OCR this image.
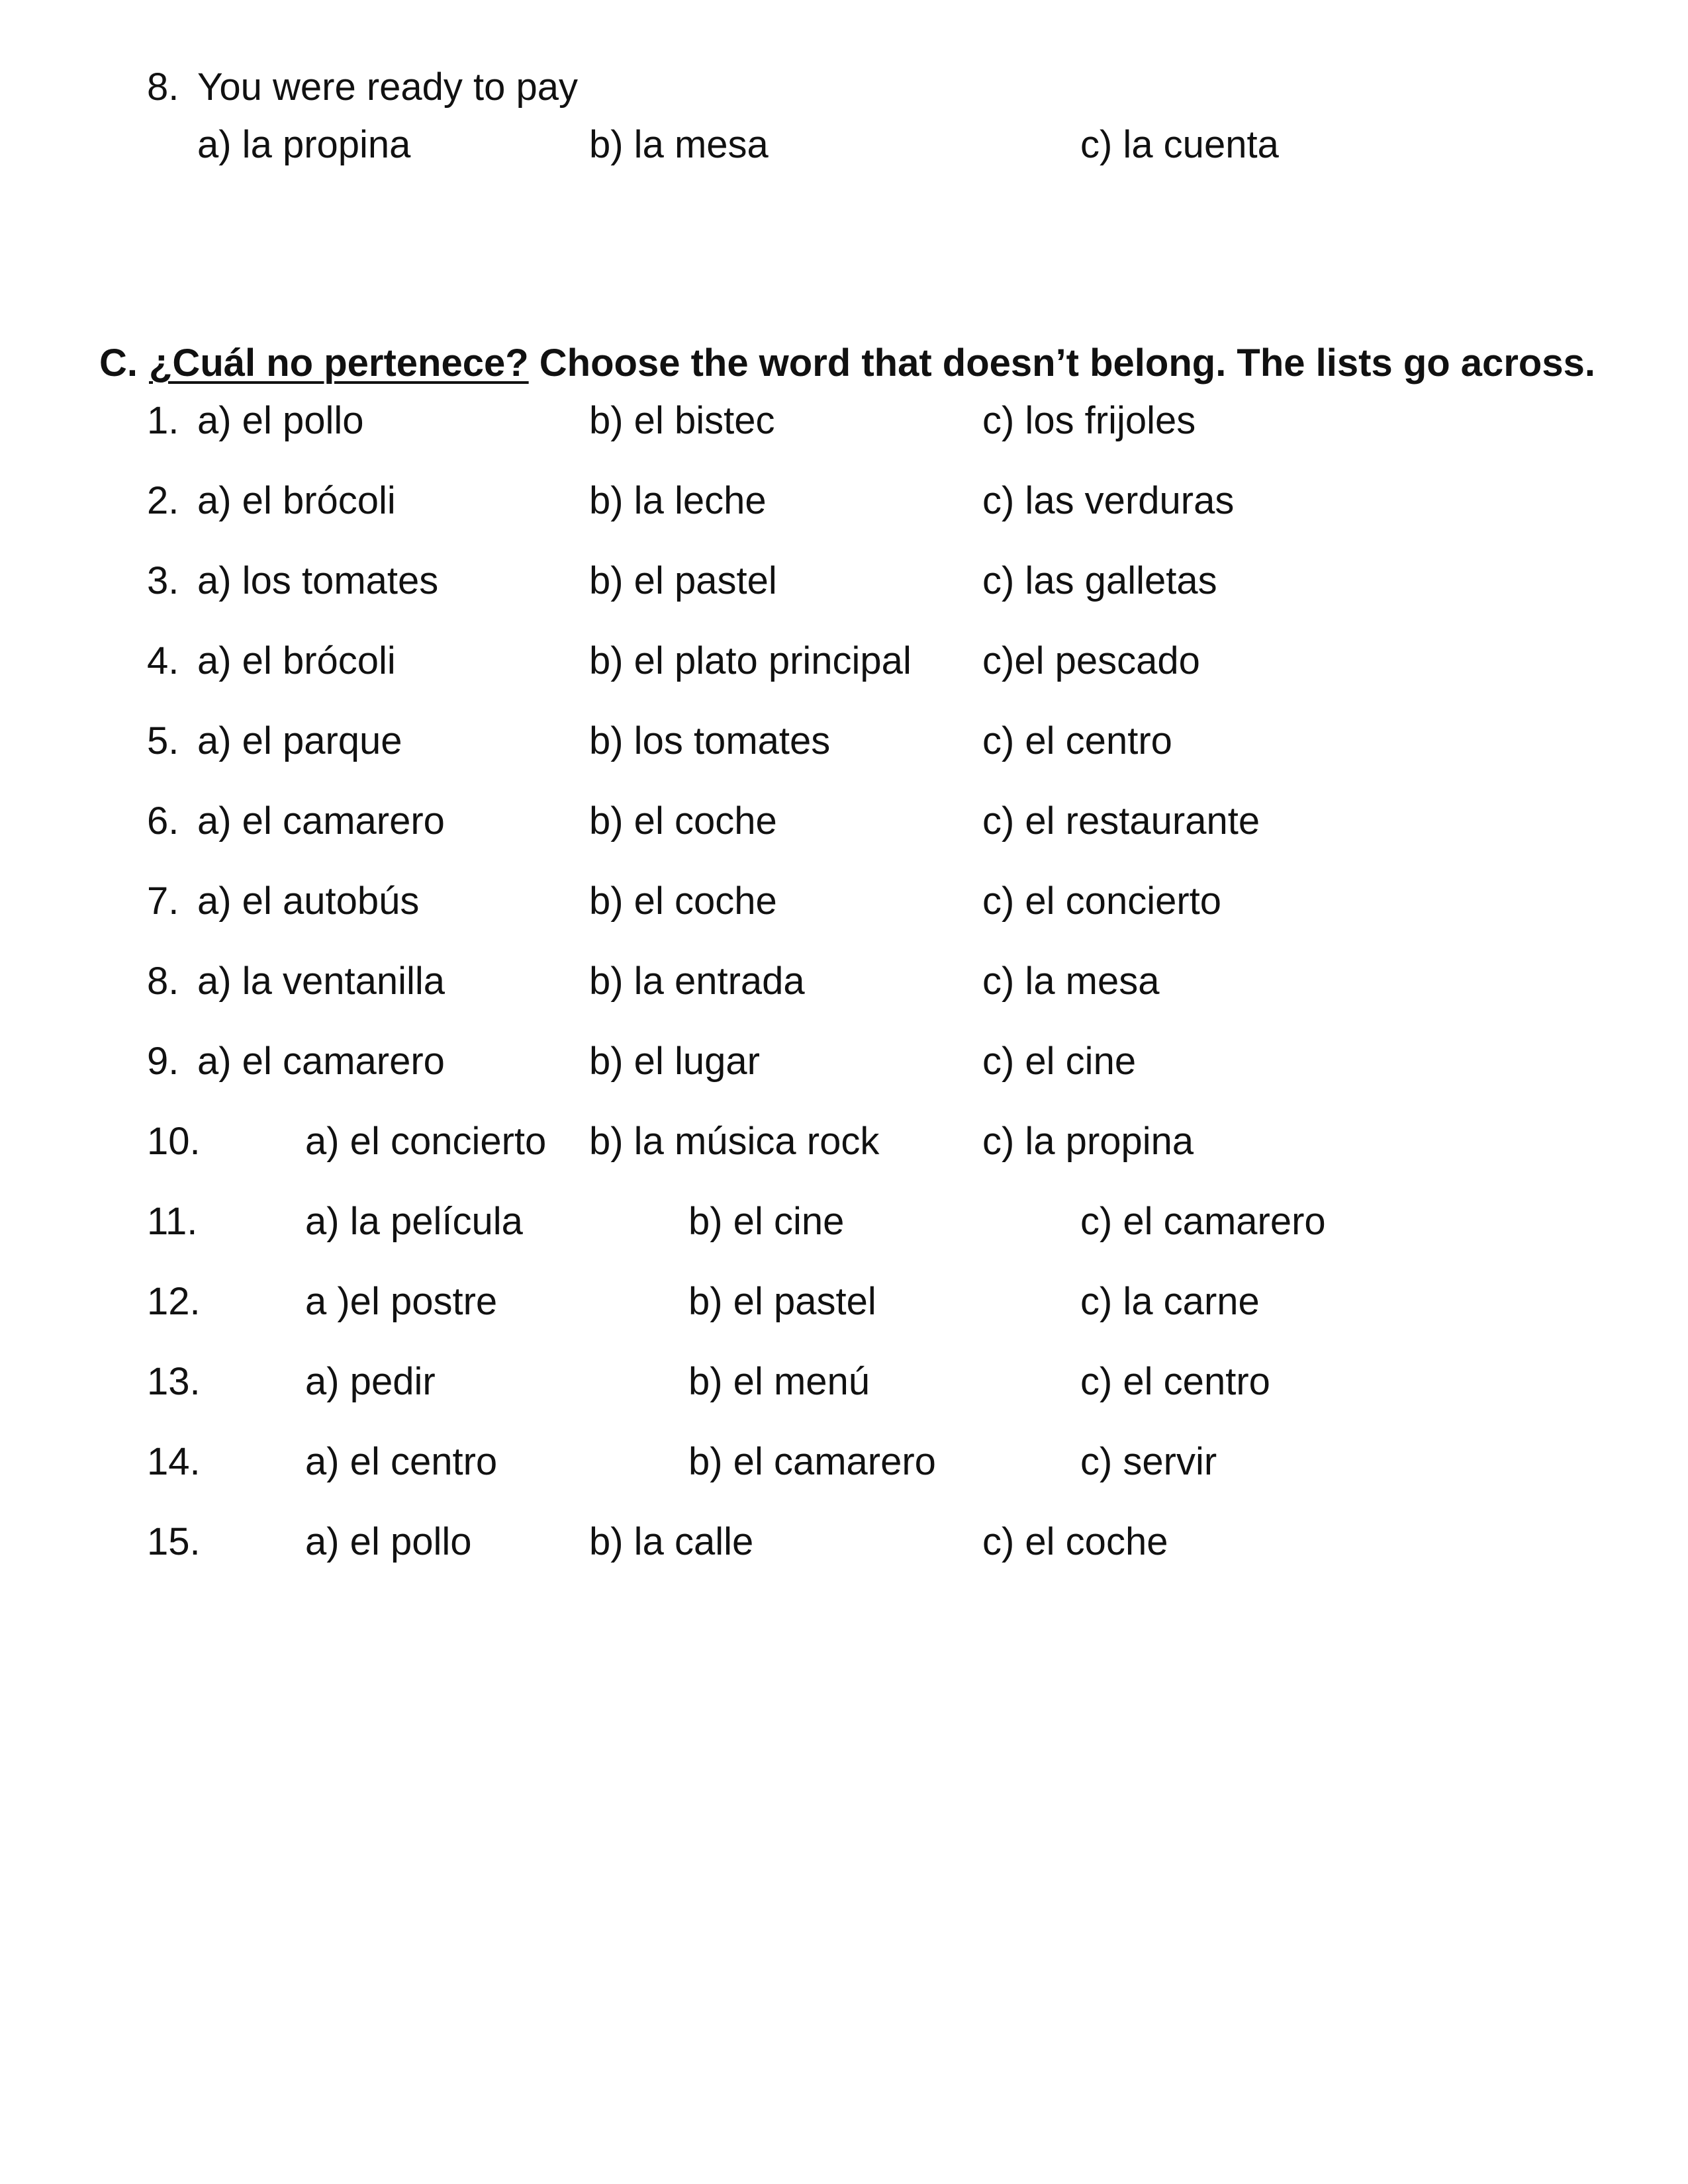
8. You were ready to pay
a) la propina	b) la mesa	c) la cuenta
C. ¿Cuál no pertenece? Choose the word that doesn’t belong. The lists go across.
1. a) el pollo	b) el bistec	c) los frijoles
2. a) el brócoli	b) la leche	c) las verduras
3. a) los tomates	b) el pastel	c) las galletas
4. a) el brócoli	b) el plato principal c)el pescado
5. a) el parque	b) los tomates	c) el centro
6. a) el camarero	b) el coche	c) el restaurante
7. a) el autobús	b) el coche	c) el concierto
8. a) la ventanilla	b) la entrada	c) la mesa
9. a) el camarero	b) el lugar	c) el cine
10.	a) el concierto b) la música rock	c) la propina
11.	a) la película	b) el cine	c) el camarero
12.	a )el postre	b) el pastel	c) la carne
13.	a) pedir	b) el menú	c) el centro
14.	a) el centro	b) el camarero	c) servir
15.	a) el pollo	b) la calle	c) el coche
